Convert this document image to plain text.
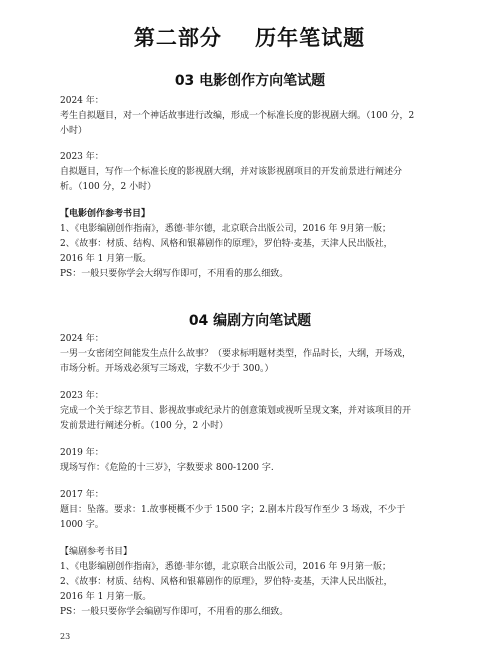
第二部分    历年笔试题

03 电影创作方向笔试题

2024 年：

考生自拟题目，对一个神话故事进行改编，形成一个标准长度的影视剧大纲。（100 分，2

小时）

2023 年：

自拟题目，写作一个标准长度的影视剧大纲，并对该影视剧项目的开发前景进行阐述分

析。（100 分，2 小时）

【电影创作参考书目】

1、《电影编剧创作指南》，悉德·菲尔德，北京联合出版公司，2016 年 9月第一版；

2、《故事：材质、结构、风格和银幕剧作的原理》，罗伯特·麦基，天津人民出版社，

2016 年 1 月第一版。

PS：一般只要你学会大纲写作即可，不用看的那么细致。

04 编剧方向笔试题

2024 年：

一男一女密闭空间能发生点什么故事？（要求标明题材类型，作品时长，大纲，开场戏，

市场分析。开场戏必须写三场戏，字数不少于 300。）

2023 年：

完成一个关于综艺节目、影视故事或纪录片的创意策划或视听呈现文案，并对该项目的开

发前景进行阐述分析。（100 分，2 小时）

2019 年：

现场写作：《危险的十三岁》，字数要求 800-1200 字.

2017 年：

题目：坠落。要求：1.故事梗概不少于 1500 字；2.剧本片段写作至少 3 场戏，不少于

1000 字。

【编剧参考书目】

1、《电影编剧创作指南》，悉德·菲尔德，北京联合出版公司，2016 年 9月第一版；

2、《故事：材质、结构、风格和银幕剧作的原理》，罗伯特·麦基，天津人民出版社，

2016 年 1 月第一版。

PS：一般只要你学会编剧写作即可，不用看的那么细致。

23
